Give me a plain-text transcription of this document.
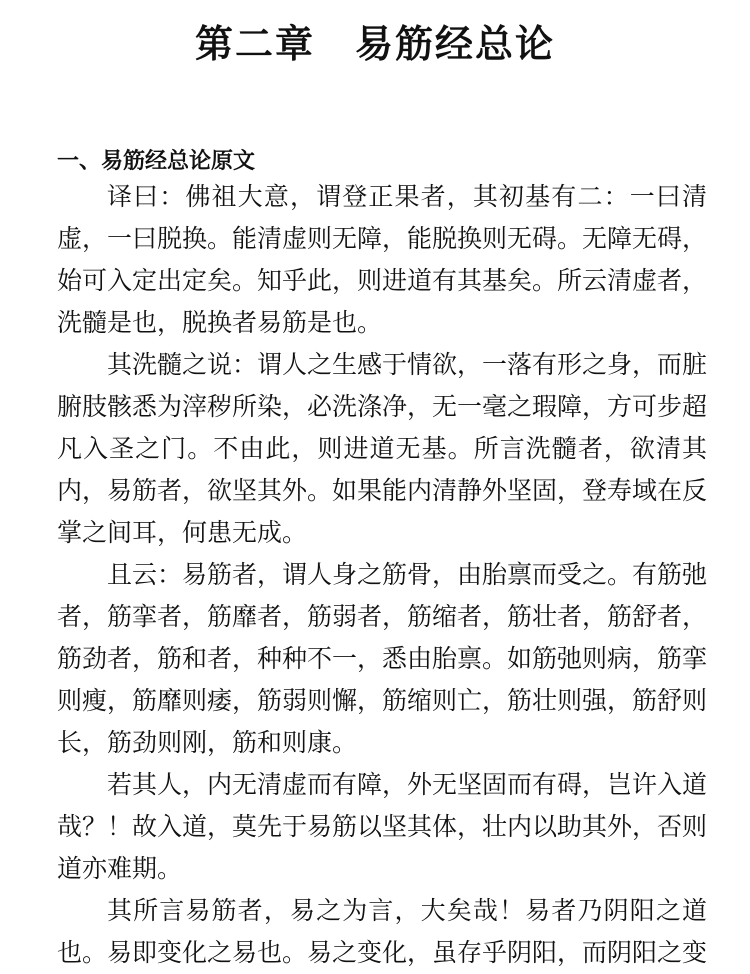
第二章　易筋经总论
一、易筋经总论原文

译曰：佛祖大意，谓登正果者，其初基有二：一曰清虚，一曰脱换。能清虚则无障，能脱换则无碍。无障无碍，始可入定出定矣。知乎此，则进道有其基矣。所云清虚者，洗髓是也，脱换者易筋是也。

其洗髓之说：谓人之生感于情欲，一落有形之身，而脏腑肢骸悉为滓秽所染，必洗涤净，无一毫之瑕障，方可步超凡入圣之门。不由此，则进道无基。所言洗髓者，欲清其内，易筋者，欲坚其外。如果能内清静外坚固，登寿域在反掌之间耳，何患无成。

且云：易筋者，谓人身之筋骨，由胎禀而受之。有筋弛者，筋挛者，筋靡者，筋弱者，筋缩者，筋壮者，筋舒者，筋劲者，筋和者，种种不一，悉由胎禀。如筋弛则病，筋挛则瘦，筋靡则痿，筋弱则懈，筋缩则亡，筋壮则强，筋舒则长，筋劲则刚，筋和则康。

若其人，内无清虚而有障，外无坚固而有碍，岂许入道哉？！故入道，莫先于易筋以坚其体，壮内以助其外，否则道亦难期。

其所言易筋者，易之为言，大矣哉！易者乃阴阳之道也。易即变化之易也。易之变化，虽存乎阴阳，而阴阳之变
